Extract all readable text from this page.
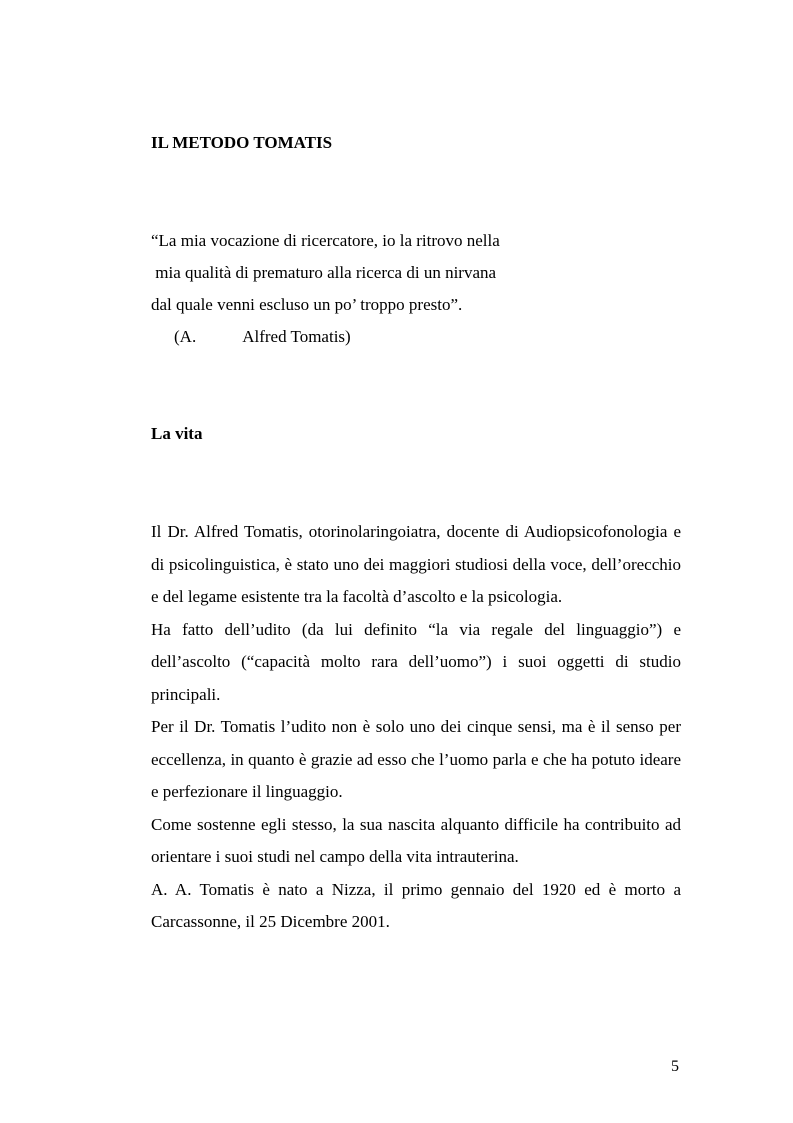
IL METODO TOMATIS
“La mia vocazione di ricercatore, io la ritrovo nella
mia qualità di prematuro alla ricerca di un nirvana
dal quale venni escluso un po’ troppo presto”.
(A.	Alfred Tomatis)
La vita

Il Dr. Alfred Tomatis, otorinolaringoiatra, docente di Audiopsicofonologia e di psicolinguistica, è stato uno dei maggiori studiosi della voce, dell’orecchio e del legame esistente tra la facoltà d’ascolto e la psicologia.

Ha fatto dell’udito (da lui definito “la via regale del linguaggio”) e dell’ascolto (“capacità molto rara dell’uomo”) i suoi oggetti di studio principali.

Per il Dr. Tomatis l’udito non è solo uno dei cinque sensi, ma è il senso per eccellenza, in quanto è grazie ad esso che l’uomo parla e che ha potuto ideare e perfezionare il linguaggio.

Come sostenne egli stesso, la sua nascita alquanto difficile ha contribuito ad orientare i suoi studi nel campo della vita intrauterina.

A. A. Tomatis è nato a Nizza, il primo gennaio del 1920 ed è morto a Carcassonne, il 25 Dicembre 2001.

5
